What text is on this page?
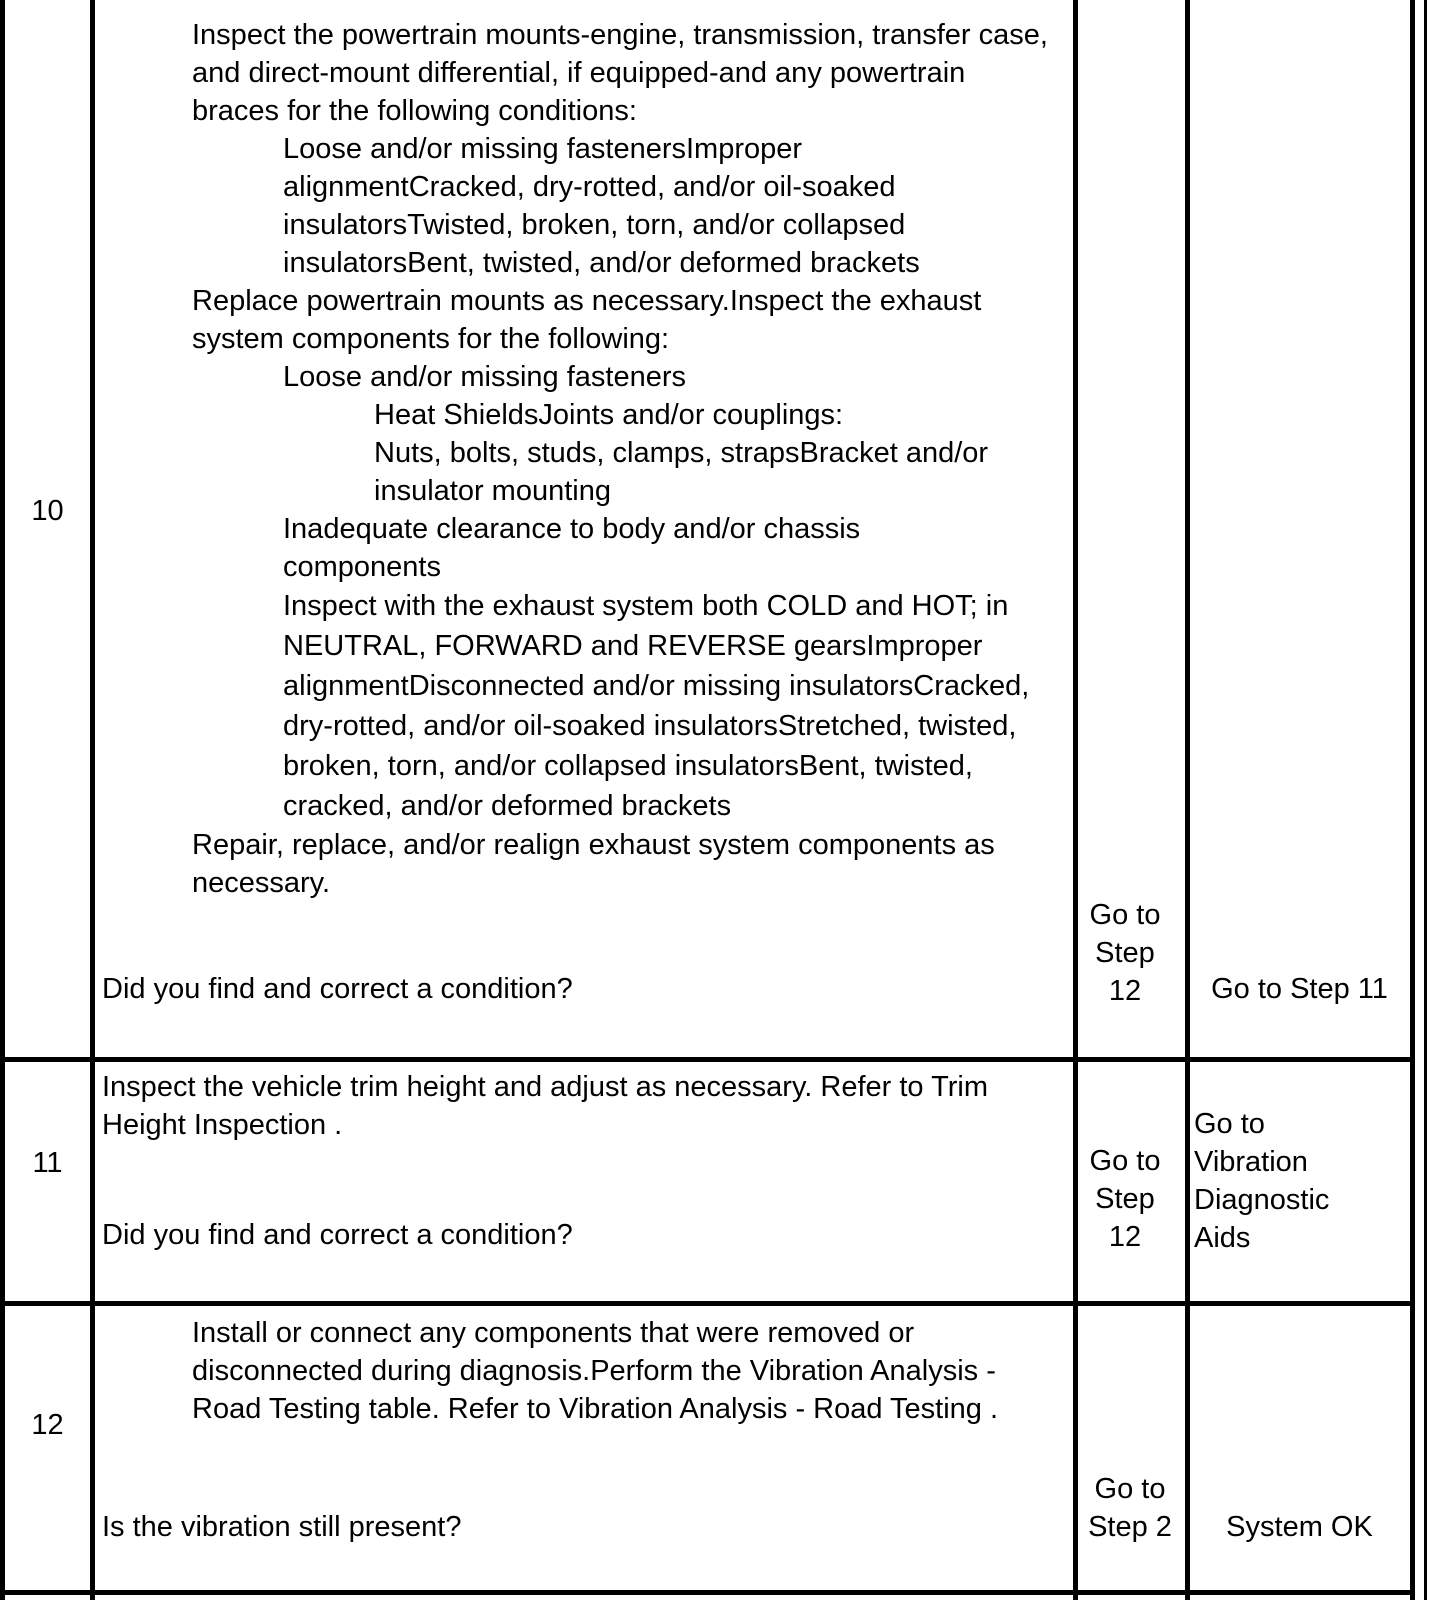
10

Inspect the powertrain mounts-engine, transmission, transfer case, and direct-mount differential, if equipped-and any powertrain braces for the following conditions:

Loose and/or missing fastenersImproper alignmentCracked, dry-rotted, and/or oil-soaked insulatorsTwisted, broken, torn, and/or collapsed insulatorsBent, twisted, and/or deformed brackets

Replace powertrain mounts as necessary.Inspect the exhaust system components for the following:

Loose and/or missing fasteners

Heat ShieldsJoints and/or couplings:

Nuts, bolts, studs, clamps, strapsBracket and/or insulator mounting

Inadequate clearance to body and/or chassis components

Inspect with the exhaust system both COLD and HOT; in NEUTRAL, FORWARD and REVERSE gearsImproper alignmentDisconnected and/or missing insulatorsCracked, dry-rotted, and/or oil-soaked insulatorsStretched, twisted, broken, torn, and/or collapsed insulatorsBent, twisted, cracked, and/or deformed brackets

Repair, replace, and/or realign exhaust system components as necessary.

Did you find and correct a condition?
Go to Step 12	Go to Step 11
11
Inspect the vehicle trim height and adjust as necessary. Refer to Trim Height Inspection .
Did you find and correct a condition?
Go to Step 12
Go to Vibration Diagnostic Aids
12
Install or connect any components that were removed or disconnected during diagnosis.Perform the Vibration Analysis - Road Testing table. Refer to Vibration Analysis - Road Testing .
Is the vibration still present?
Go to Step 2	System OK
